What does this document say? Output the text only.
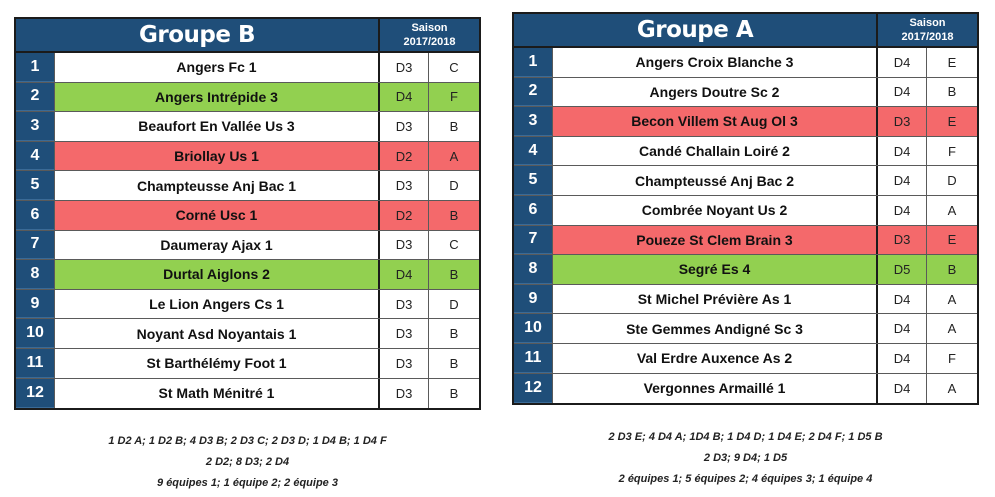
Groupe B	Saison
2017/2018
1	Angers Fc 1	D3	C
2	Angers Intrépide 3	D4	F
3	Beaufort En Vallée Us 3	D3	B
4	Briollay Us 1	D2	A
5	Champteusse Anj Bac 1	D3	D
6	Corné Usc 1	D2	B
7	Daumeray Ajax 1	D3	C
8	Durtal Aiglons 2	D4	B
9	Le Lion Angers Cs 1	D3	D
10	Noyant Asd Noyantais 1	D3	B
11	St Barthélémy Foot 1	D3	B
12	St Math Ménitré 1	D3	B
Groupe A	Saison
2017/2018
1	Angers Croix Blanche 3	D4	E
2	Angers Doutre Sc 2	D4	B
3	Becon Villem St Aug Ol 3	D3	E
4	Candé Challain Loiré 2	D4	F
5	Champteussé Anj Bac 2	D4	D
6	Combrée Noyant Us 2	D4	A
7	Poueze St Clem Brain 3	D3	E
8	Segré Es 4	D5	B
9	St Michel Prévière As 1	D4	A
10	Ste Gemmes Andigné Sc 3	D4	A
11	Val Erdre Auxence As 2	D4	F
12	Vergonnes Armaillé 1	D4	A
1 D2 A; 1 D2 B; 4 D3 B; 2 D3 C; 2 D3 D; 1 D4 B; 1 D4 F
2 D2; 8 D3; 2 D4
9 équipes 1; 1 équipe 2; 2 équipe 3
2 D3 E; 4 D4 A; 1D4 B; 1 D4 D; 1 D4 E; 2 D4 F; 1 D5 B
2 D3; 9 D4; 1 D5
2 équipes 1; 5 équipes 2; 4 équipes 3; 1 équipe 4
